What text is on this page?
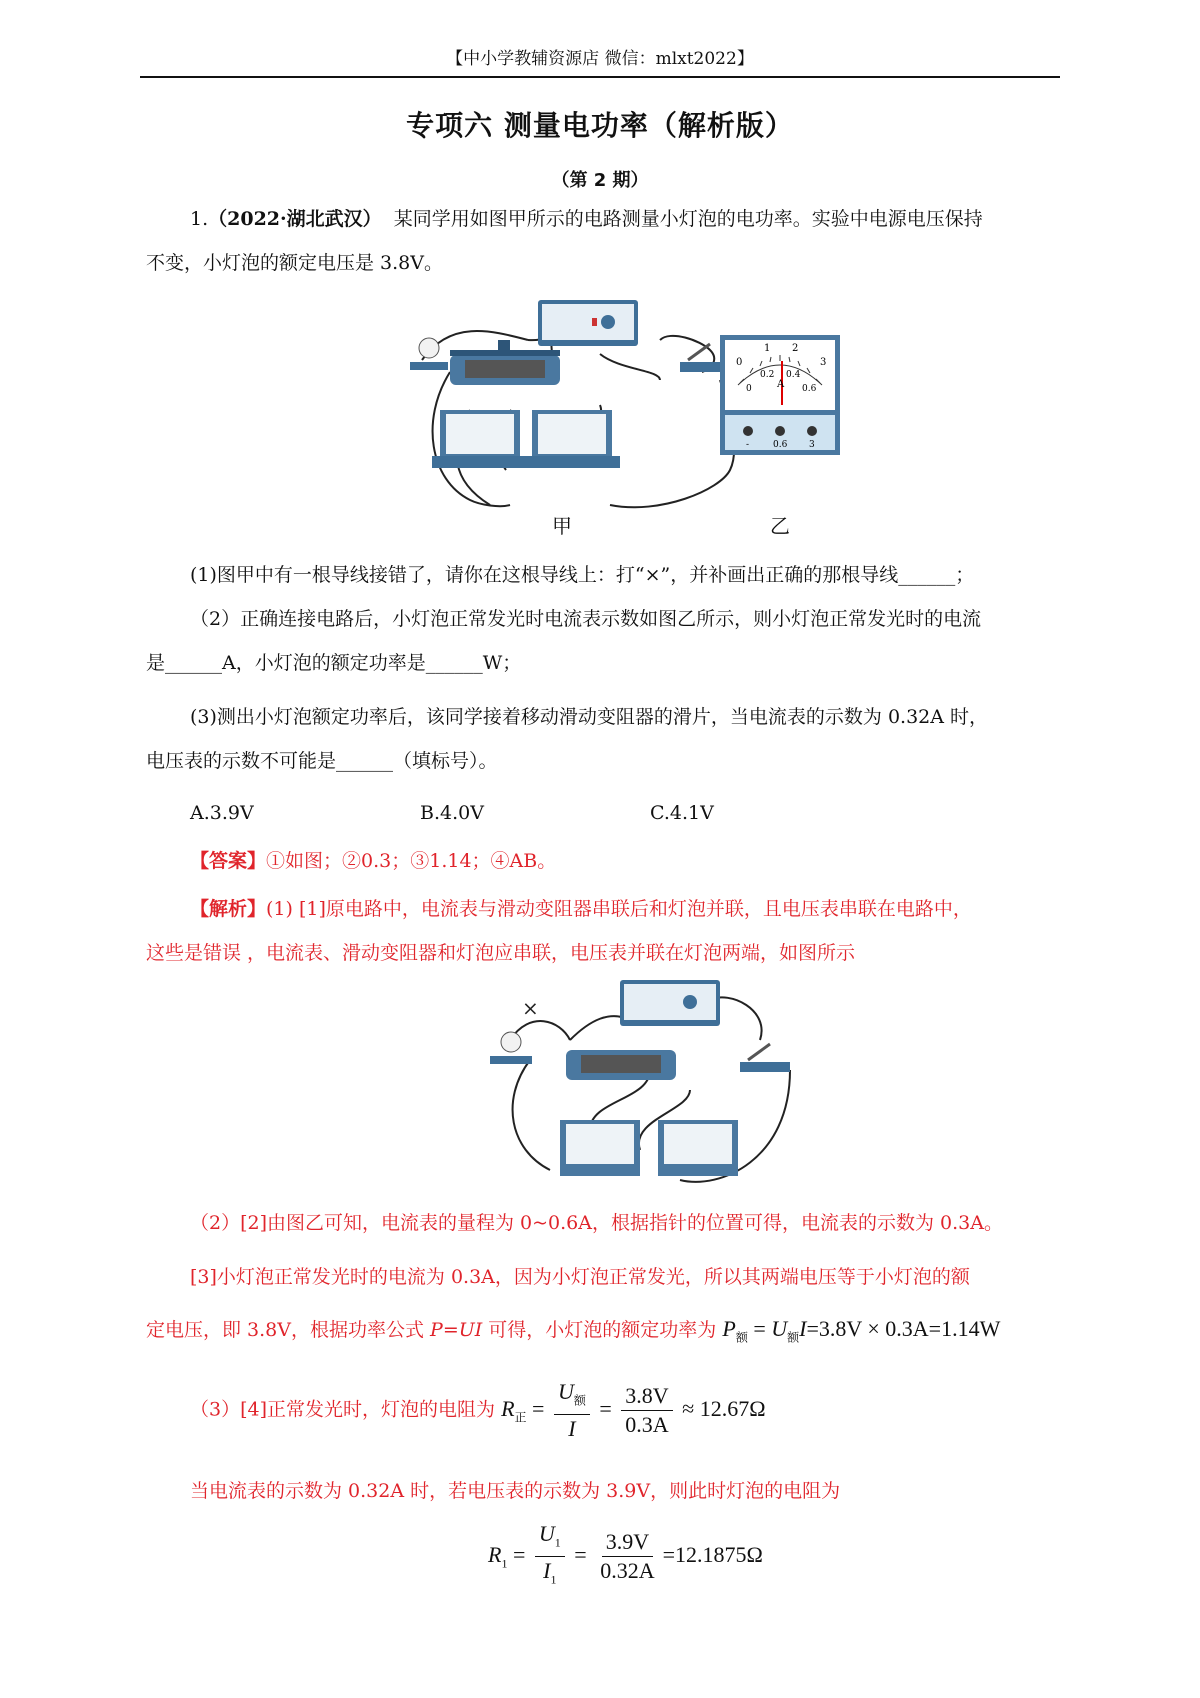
【中小学教辅资源店 微信：mlxt2022】
专项六 测量电功率（解析版）
（第 2 期）
1.（2022·湖北武汉） 某同学用如图甲所示的电路测量小灯泡的电功率。实验中电源电压保持
不变，小灯泡的额定电压是 3.8V。
0
1 2
3
0
0.2 0.4
0.6
A
-	0.6 3
甲	乙
(1)图甲中有一根导线接错了，请你在这根导线上：打“×”，并补画出正确的那根导线______；
（2）正确连接电路后，小灯泡正常发光时电流表示数如图乙所示，则小灯泡正常发光时的电流
是______A，小灯泡的额定功率是______W；
(3)测出小灯泡额定功率后，该同学接着移动滑动变阻器的滑片，当电流表的示数为 0.32A 时，
电压表的示数不可能是______（填标号）。
A.3.9V	B.4.0V	C.4.1V
【答案】①如图；②0.3；③1.14；④AB。
【解析】(1) [1]原电路中，电流表与滑动变阻器串联后和灯泡并联，且电压表串联在电路中，
这些是错误 ，电流表、滑动变阻器和灯泡应串联，电压表并联在灯泡两端，如图所示
×
（2）[2]由图乙可知，电流表的量程为 0~0.6A，根据指针的位置可得，电流表的示数为 0.3A。
[3]小灯泡正常发光时的电流为 0.3A，因为小灯泡正常发光，所以其两端电压等于小灯泡的额
定电压，即 3.8V，根据功率公式 P=UI 可得，小灯泡的额定功率为 $P_额 = U_额I=3.8V \times 0.3A=1.14W$
（3）[4]正常发光时，灯泡的电阻为 $R_正 = \frac{U_额}{I} = \frac{3.8V}{0.3A} \approx 12.67\Omega$
当电流表的示数为 0.32A 时，若电压表的示数为 3.9V，则此时灯泡的电阻为
$R_1 = \frac{U_1}{I_1} = \frac{3.9V}{0.32A} =12.1875\Omega$
